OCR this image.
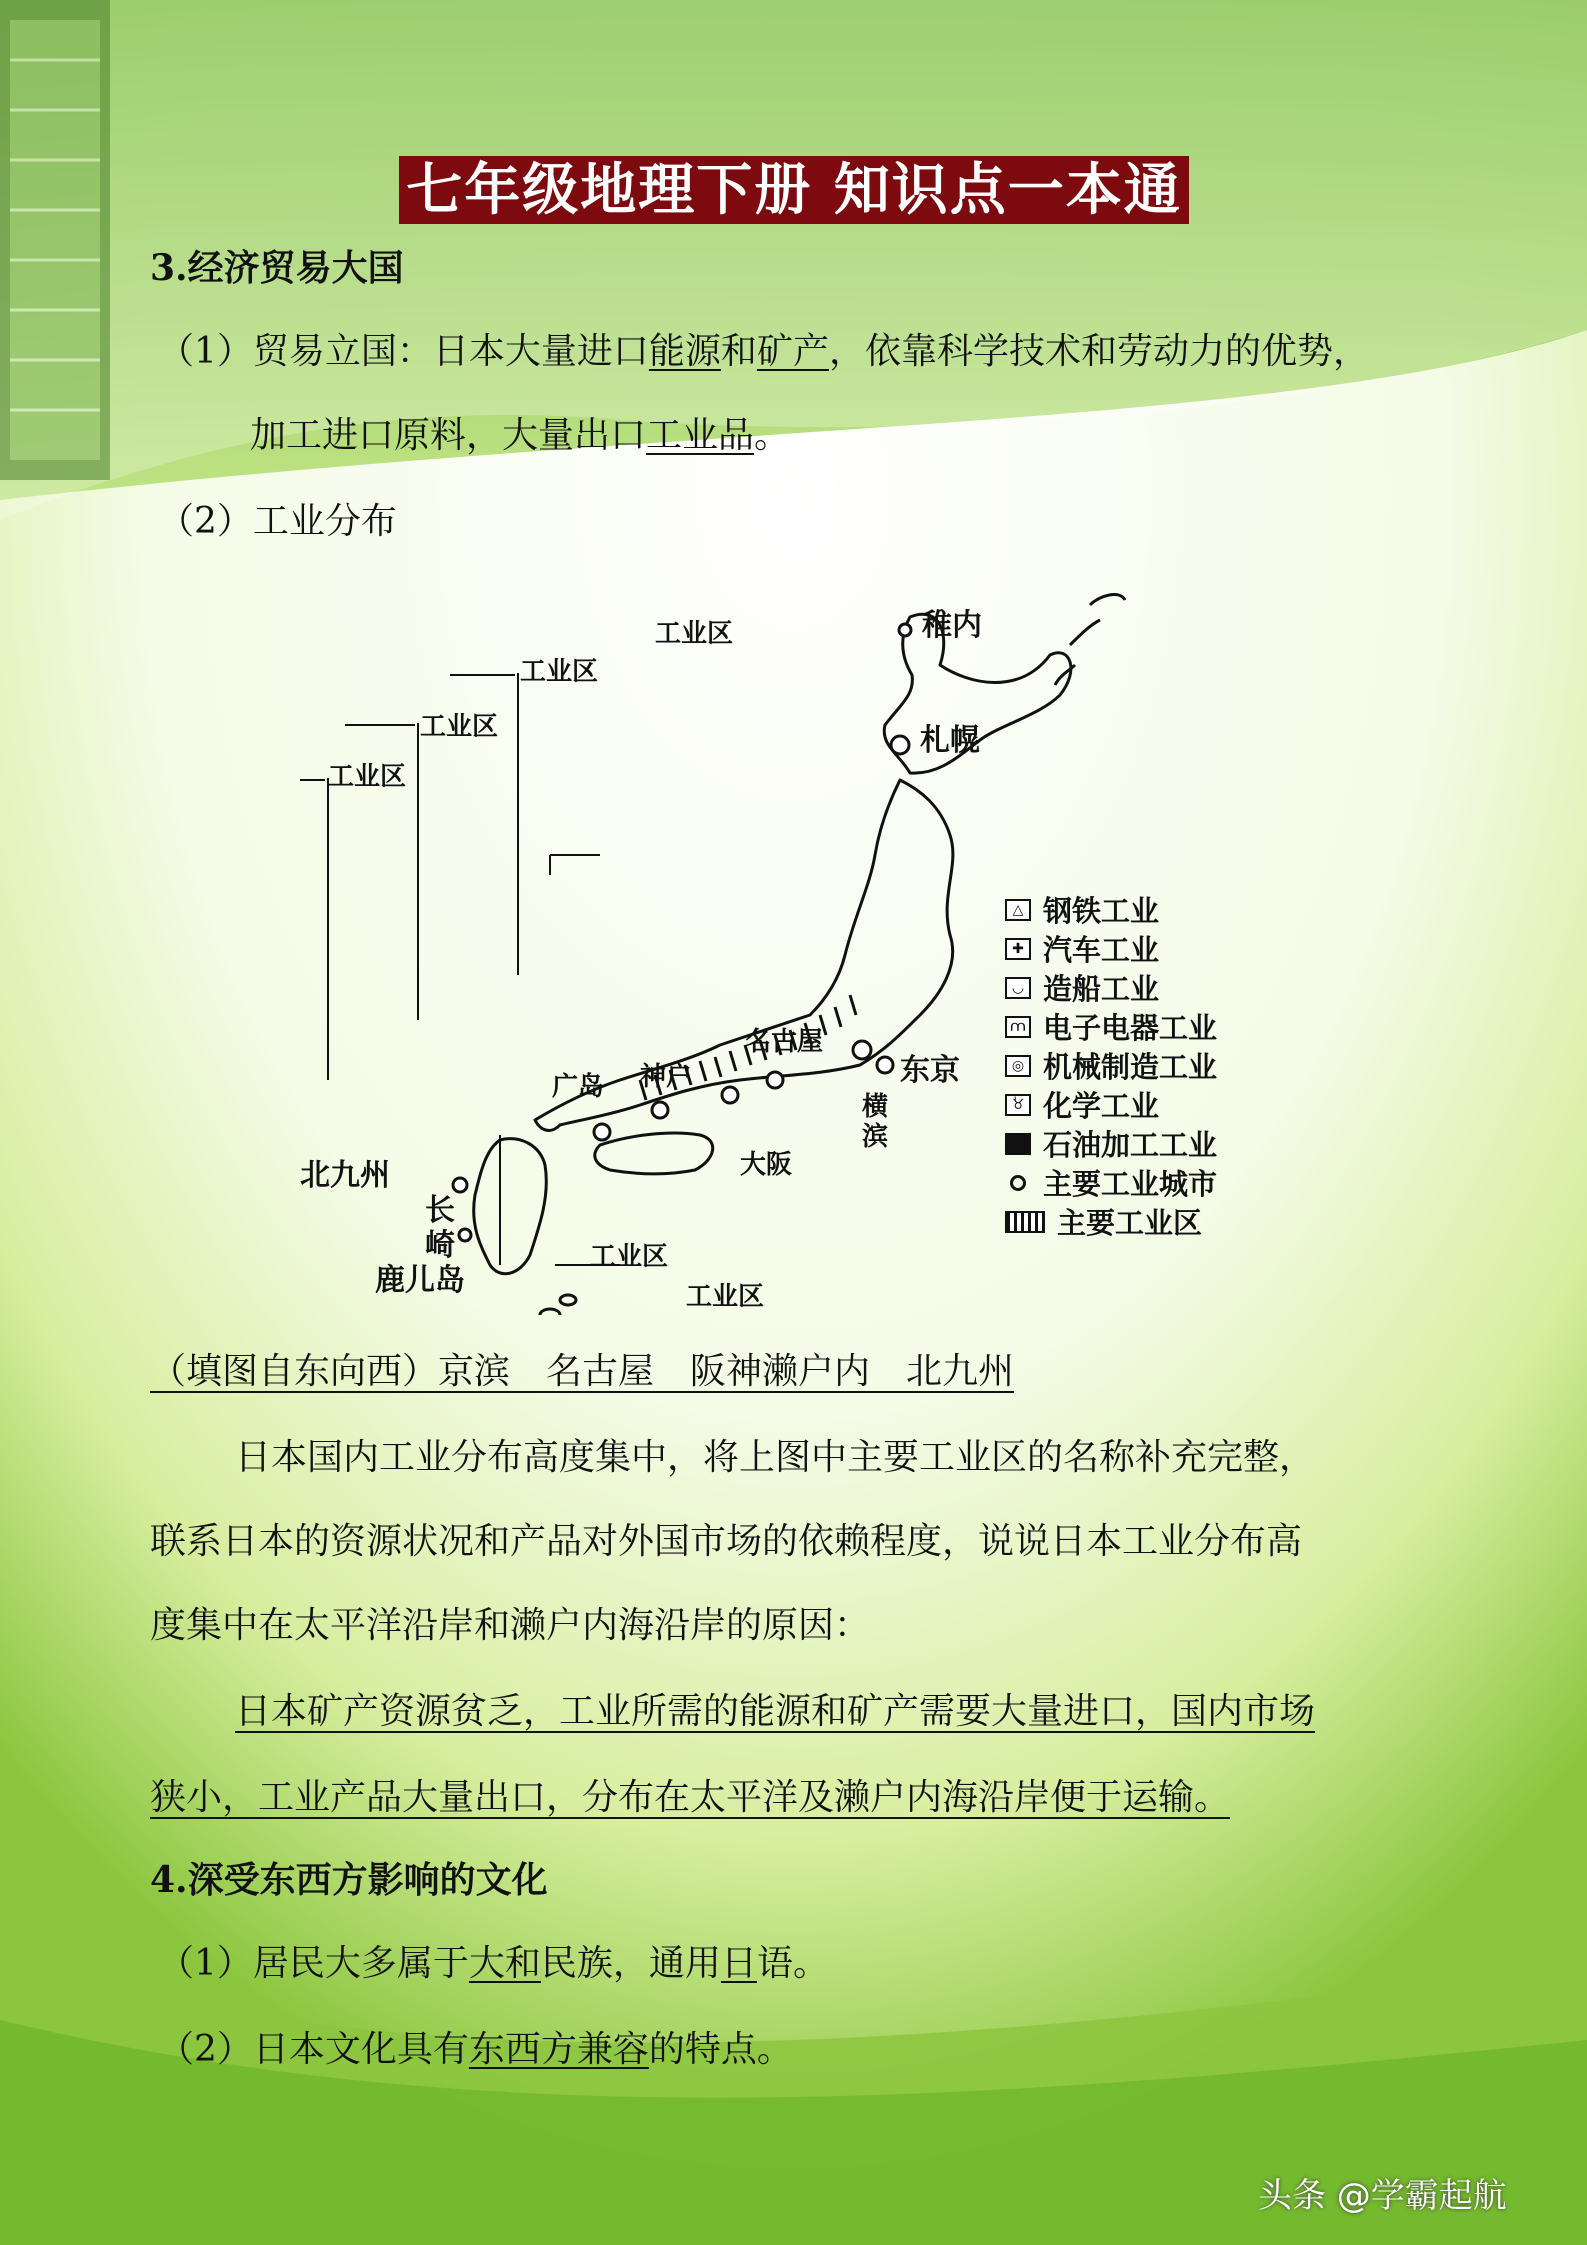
七年级地理下册 知识点一本通
3.经济贸易大国
（1）贸易立国：日本大量进口能源和矿产，依靠科学技术和劳动力的优势，
加工进口原料，大量出口工业品。
（2）工业分布
工业区
工业区
工业区
工业区
工业区
工业区
稚内
札幌
广岛 神户
名古屋
东京
横
滨
大阪
北九州
长
崎
鹿儿岛
△ 钢铁工业
✚ 汽车工业
◡ 造船工业
⩋ 电子电器工业
◎ 机械制造工业
ٰ♉ 化学工业
▲ 石油加工工业
主要工业城市
主要工业区
（填图自东向西）京滨　名古屋　阪神濑户内　北九州
日本国内工业分布高度集中，将上图中主要工业区的名称补充完整，
联系日本的资源状况和产品对外国市场的依赖程度，说说日本工业分布高
度集中在太平洋沿岸和濑户内海沿岸的原因：
日本矿产资源贫乏，工业所需的能源和矿产需要大量进口，国内市场
狭小，工业产品大量出口，分布在太平洋及濑户内海沿岸便于运输。
4.深受东西方影响的文化
（1）居民大多属于大和民族，通用日语。
（2）日本文化具有东西方兼容的特点。
头条 @学霸起航
